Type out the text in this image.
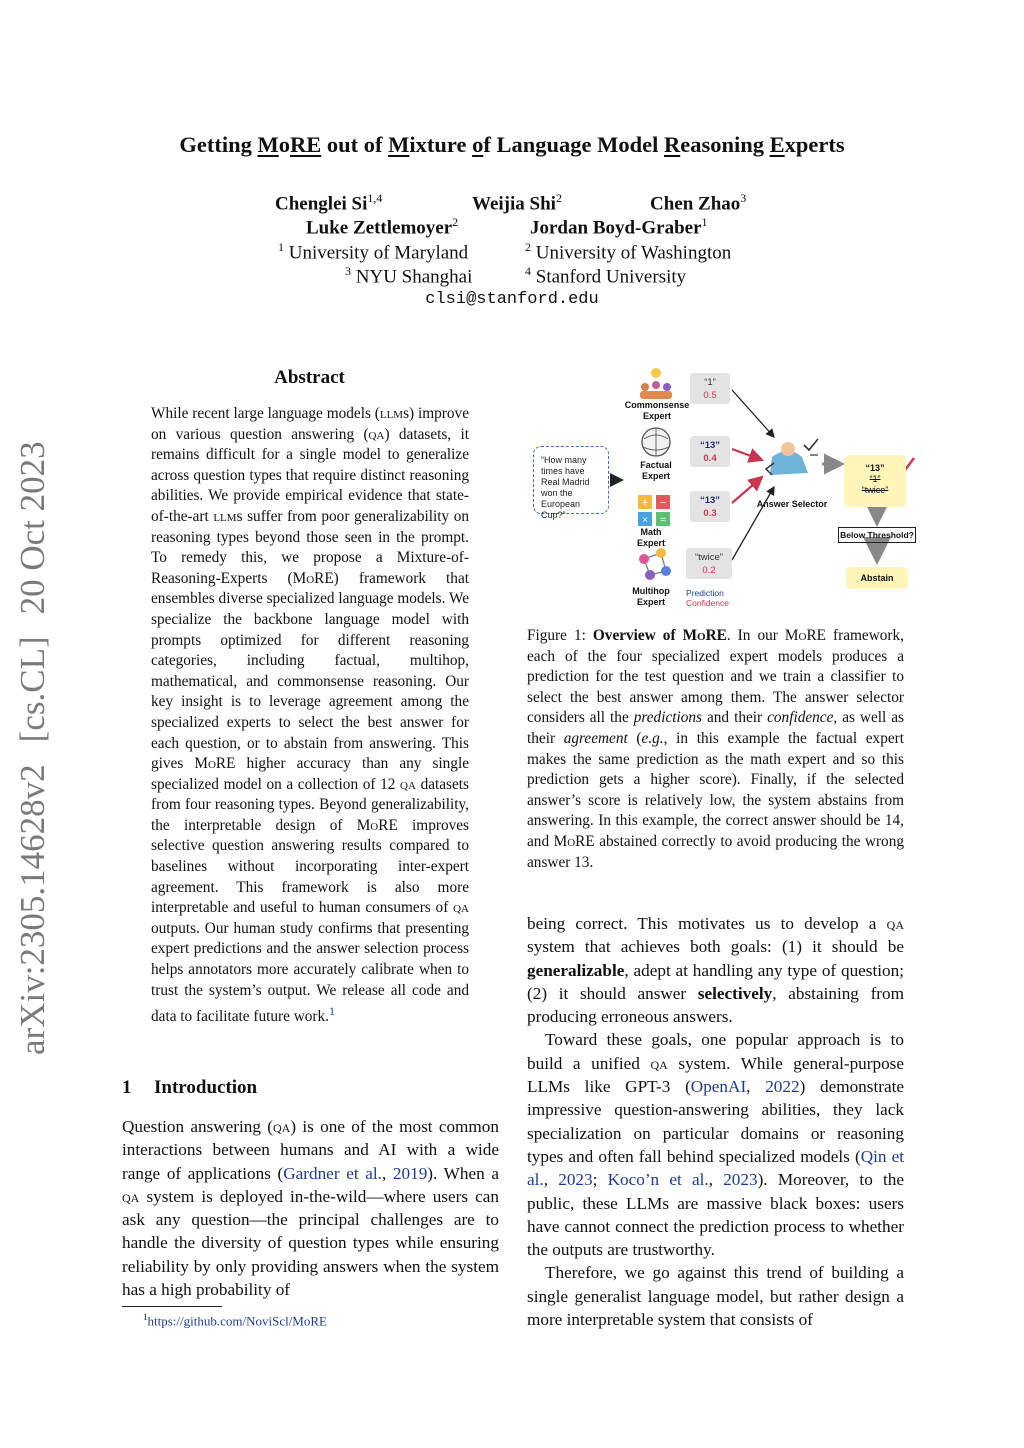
Getting MoRE out of Mixture of Language Model Reasoning Experts
Chenglei Si$^{1,4}$	Weijia Shi$^2$	Chen Zhao$^3$
Luke Zettlemoyer$^2$	Jordan Boyd-Graber$^1$
$^1$ University of Maryland	$^2$ University of Washington
$^3$ NYU Shanghai	$^4$ Stanford University
clsi@stanford.edu
arXiv:2305.14628v2
[cs.CL]
20 Oct 2023
Abstract
While recent large language models (llms) improve on various question answering (qa) datasets, it remains difficult for a single model to generalize across question types that require distinct reasoning abilities. We provide empirical evidence that state-of-the-art llms suffer from poor generalizability on reasoning types beyond those seen in the prompt. To remedy this, we propose a Mixture-of-Reasoning-Experts (MoRE) framework that ensembles diverse specialized language models. We specialize the backbone language model with prompts optimized for different reasoning categories, including factual, multihop, mathematical, and commonsense reasoning. Our key insight is to leverage agreement among the specialized experts to select the best answer for each question, or to abstain from answering. This gives MoRE higher accuracy than any single specialized model on a collection of 12 qa datasets from four reasoning types. Beyond generalizability, the interpretable design of MoRE improves selective question answering results compared to baselines without incorporating inter-expert agreement. This framework is also more interpretable and useful to human consumers of qa outputs. Our human study confirms that presenting expert predictions and the answer selection process helps annotators more accurately calibrate when to trust the system’s output. We release all code and data to facilitate future work.$^1$
1 Introduction
Question answering (qa) is one of the most common interactions between humans and AI with a wide range of applications (Gardner et al., 2019). When a qa system is deployed in-the-wild—where users can ask any question—the principal challenges are to handle the diversity of question types while ensuring reliability by only providing answers when the system has a high probability of
$^1$https://github.com/NoviScl/MoRE
+ −
× =
“How many times have Real Madrid won the European Cup?”
Commonsense Expert
Factual Expert
Math Expert
Multihop Expert
“1”
0.5
“13”
0.4
“13”
0.3
“twice”
0.2
Prediction
Confidence
Answer Selector
“13”
“1”
“twice”
Below Threshold?
Abstain
Figure 1: Overview of MoRE. In our MoRE framework, each of the four specialized expert models produces a prediction for the test question and we train a classifier to select the best answer among them. The answer selector considers all the predictions and their confidence, as well as their agreement (e.g., in this example the factual expert makes the same prediction as the math expert and so this prediction gets a higher score). Finally, if the selected answer’s score is relatively low, the system abstains from answering. In this example, the correct answer should be 14, and MoRE abstained correctly to avoid producing the wrong answer 13.

being correct. This motivates us to develop a qa system that achieves both goals: (1) it should be generalizable, adept at handling any type of question; (2) it should answer selectively, abstaining from producing erroneous answers.

Toward these goals, one popular approach is to build a unified qa system. While general-purpose LLMs like GPT-3 (OpenAI, 2022) demonstrate impressive question-answering abilities, they lack specialization on particular domains or reasoning types and often fall behind specialized models (Qin et al., 2023; Koco’n et al., 2023). Moreover, to the public, these LLMs are massive black boxes: users have cannot connect the prediction process to whether the outputs are trustworthy.

Therefore, we go against this trend of building a single generalist language model, but rather design a more interpretable system that consists of
